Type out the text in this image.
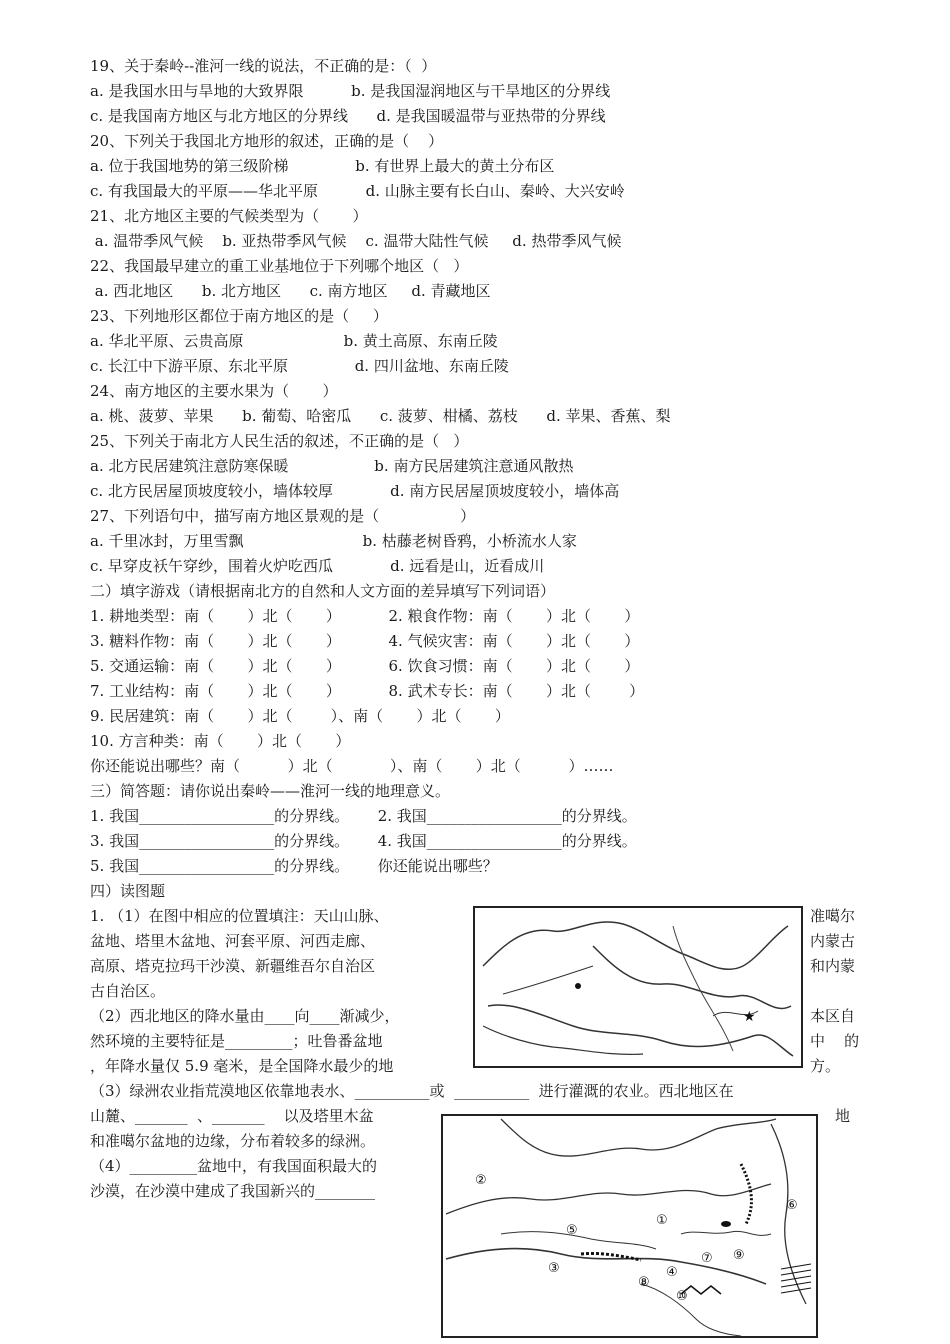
19、关于秦岭--淮河一线的说法，不正确的是：（  ）
a. 是我国水田与旱地的大致界限          b. 是我国湿润地区与干旱地区的分界线
c. 是我国南方地区与北方地区的分界线      d. 是我国暖温带与亚热带的分界线
20、下列关于我国北方地形的叙述，正确的是（    ）
a. 位于我国地势的第三级阶梯              b. 有世界上最大的黄土分布区
c. 有我国最大的平原——华北平原          d. 山脉主要有长白山、秦岭、大兴安岭
21、北方地区主要的气候类型为（       ）
a. 温带季风气候    b. 亚热带季风气候    c. 温带大陆性气候     d. 热带季风气候
22、我国最早建立的重工业基地位于下列哪个地区（   ）
a. 西北地区      b. 北方地区      c. 南方地区     d. 青藏地区
23、下列地形区都位于南方地区的是（     ）
a. 华北平原、云贵高原                     b. 黄土高原、东南丘陵
c. 长江中下游平原、东北平原              d. 四川盆地、东南丘陵
24、南方地区的主要水果为（       ）
a. 桃、菠萝、苹果      b. 葡萄、哈密瓜      c. 菠萝、柑橘、荔枝      d. 苹果、香蕉、梨
25、下列关于南北方人民生活的叙述，不正确的是（   ）
a. 北方民居建筑注意防寒保暖                  b. 南方民居建筑注意通风散热
c. 北方民居屋顶坡度较小，墙体较厚            d. 南方民居屋顶坡度较小，墙体高
27、下列语句中，描写南方地区景观的是（                 ）
a. 千里冰封，万里雪飘                         b. 枯藤老树昏鸦，小桥流水人家
c. 早穿皮袄午穿纱，围着火炉吃西瓜            d. 远看是山，近看成川
二）填字游戏（请根据南北方的自然和人文方面的差异填写下列词语）
1. 耕地类型：南（       ）北（       ）          2. 粮食作物：南（       ）北（       ）
3. 糖料作物：南（       ）北（       ）          4. 气候灾害：南（       ）北（       ）
5. 交通运输：南（       ）北（       ）          6. 饮食习惯：南（       ）北（       ）
7. 工业结构：南（       ）北（       ）          8. 武术专长：南（       ）北（        ）
9. 民居建筑：南（       ）北（        ）、南（       ）北（       ）
10. 方言种类：南（       ）北（       ）
你还能说出哪些？南（          ）北（            ）、南（       ）北（          ）……
三）简答题：请你说出秦岭——淮河一线的地理意义。
1. 我国__________________的分界线。      2. 我国__________________的分界线。
3. 我国__________________的分界线。      4. 我国__________________的分界线。
5. 我国__________________的分界线。      你还能说出哪些？
四）读图题
1. （1）在图中相应的位置填注：天山山脉、
盆地、塔里木盆地、河套平原、河西走廊、
高原、塔克拉玛干沙漠、新疆维吾尔自治区
古自治区。
（2）西北地区的降水量由____向____渐减少，
然环境的主要特征是_________；吐鲁番盆地
，年降水量仅 5.9 毫米，是全国降水最少的地
准噶尔
内蒙古
和内蒙
本区自
中    的
方。
★
（3）绿洲农业指荒漠地区依靠地表水、__________或  __________  进行灌溉的农业。西北地区在
山麓、_______  、_______    以及塔里木盆	地
和准噶尔盆地的边缘，分布着较多的绿洲。
（4）_________盆地中，有我国面积最大的
沙漠，在沙漠中建成了我国新兴的________
②
①
⑤
③	④
⑥
⑦
⑧
⑨
⑩
